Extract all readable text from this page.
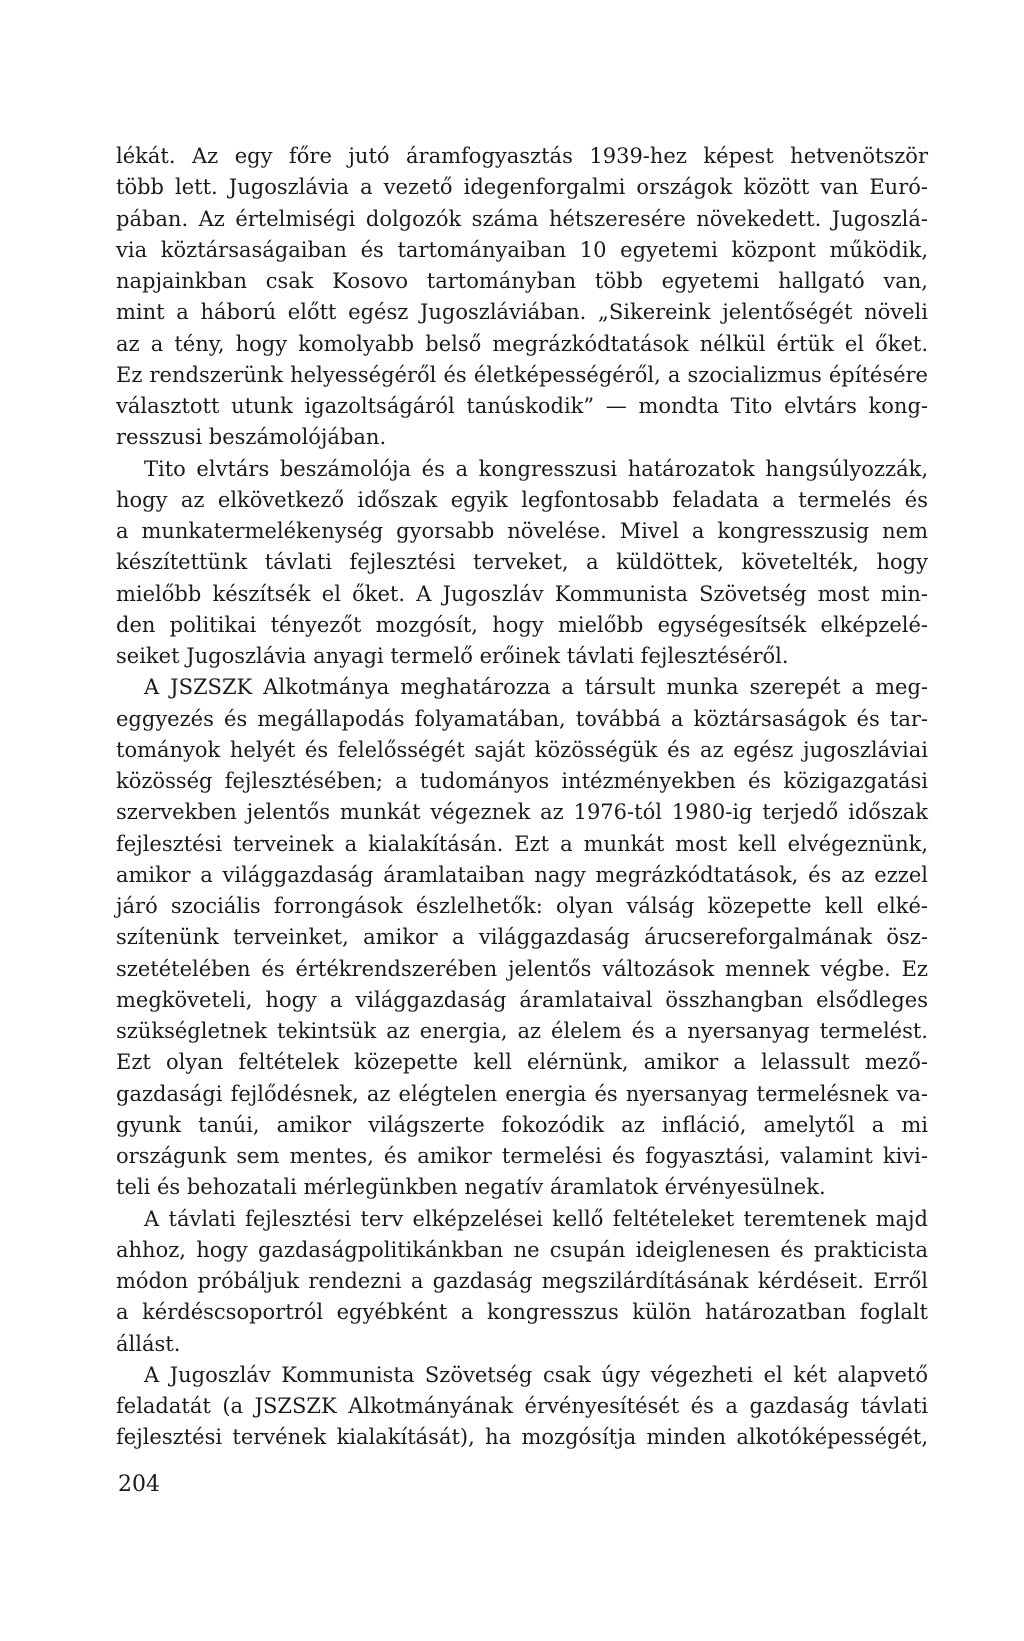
lékát. Az egy főre jutó áramfogyasztás 1939-hez képest hetvenötször
több lett. Jugoszlávia a vezető idegenforgalmi országok között van Euró-
pában. Az értelmiségi dolgozók száma hétszeresére növekedett. Jugoszlá-
via köztársaságaiban és tartományaiban 10 egyetemi központ működik,
napjainkban csak Kosovo tartományban több egyetemi hallgató van,
mint a háború előtt egész Jugoszláviában. „Sikereink jelentőségét növeli
az a tény, hogy komolyabb belső megrázkódtatások nélkül értük el őket.
Ez rendszerünk helyességéről és életképességéről, a szocializmus építésére
választott utunk igazoltságáról tanúskodik” — mondta Tito elvtárs kong-
resszusi beszámolójában.
Tito elvtárs beszámolója és a kongresszusi határozatok hangsúlyozzák,
hogy az elkövetkező időszak egyik legfontosabb feladata a termelés és
a munkatermelékenység gyorsabb növelése. Mivel a kongresszusig nem
készítettünk távlati fejlesztési terveket, a küldöttek, követelték, hogy
mielőbb készítsék el őket. A Jugoszláv Kommunista Szövetség most min-
den politikai tényezőt mozgósít, hogy mielőbb egységesítsék elképzelé-
seiket Jugoszlávia anyagi termelő erőinek távlati fejlesztéséről.
A JSZSZK Alkotmánya meghatározza a társult munka szerepét a meg-
eggyezés és megállapodás folyamatában, továbbá a köztársaságok és tar-
tományok helyét és felelősségét saját közösségük és az egész jugoszláviai
közösség fejlesztésében; a tudományos intézményekben és közigazgatási
szervekben jelentős munkát végeznek az 1976-tól 1980-ig terjedő időszak
fejlesztési terveinek a kialakításán. Ezt a munkát most kell elvégeznünk,
amikor a világgazdaság áramlataiban nagy megrázkódtatások, és az ezzel
járó szociális forrongások észlelhetők: olyan válság közepette kell elké-
szítenünk terveinket, amikor a világgazdaság árucsereforgalmának ösz-
szetételében és értékrendszerében jelentős változások mennek végbe. Ez
megköveteli, hogy a világgazdaság áramlataival összhangban elsődleges
szükségletnek tekintsük az energia, az élelem és a nyersanyag termelést.
Ezt olyan feltételek közepette kell elérnünk, amikor a lelassult mező-
gazdasági fejlődésnek, az elégtelen energia és nyersanyag termelésnek va-
gyunk tanúi, amikor világszerte fokozódik az infláció, amelytől a mi
országunk sem mentes, és amikor termelési és fogyasztási, valamint kivi-
teli és behozatali mérlegünkben negatív áramlatok érvényesülnek.
A távlati fejlesztési terv elképzelései kellő feltételeket teremtenek majd
ahhoz, hogy gazdaságpolitikánkban ne csupán ideiglenesen és prakticista
módon próbáljuk rendezni a gazdaság megszilárdításának kérdéseit. Erről
a kérdéscsoportról egyébként a kongresszus külön határozatban foglalt
állást.
A Jugoszláv Kommunista Szövetség csak úgy végezheti el két alapvető
feladatát (a JSZSZK Alkotmányának érvényesítését és a gazdaság távlati
fejlesztési tervének kialakítását), ha mozgósítja minden alkotóképességét,
204
